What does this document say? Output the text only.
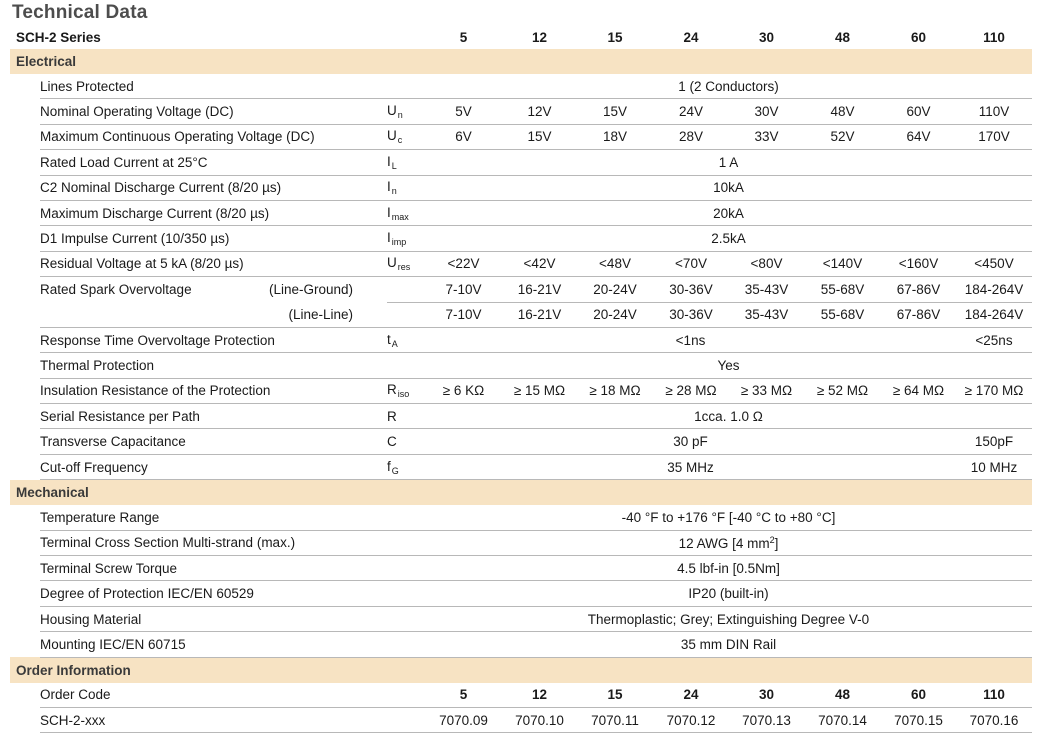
Technical Data
SCH-2 Series			5	12	15	24	30	48	60	110
Electrical										
	Lines Protected		1 (2 Conductors)							
	Nominal Operating Voltage (DC)	$U_n$	5V	12V	15V	24V	30V	48V	60V	110V
	Maximum Continuous Operating Voltage (DC)	$U_c$	6V	15V	18V	28V	33V	52V	64V	170V
	Rated Load Current at 25°C	$I_L$	1 A							
	C2 Nominal Discharge Current (8/20 µs)	$I_n$	10kA							
	Maximum Discharge Current (8/20 µs)	$I_{max}$	20kA							
	D1 Impulse Current (10/350 µs)	$I_{imp}$	2.5kA							
	Residual Voltage at 5 kA (8/20 µs)	$U_{res}$	<22V	<42V	<48V	<70V	<80V	<140V	<160V	<450V

	Rated Spark Overvoltage (Line-Ground)		7-10V	16-21V	20-24V	30-36V	35-43V	55-68V	67-86V	184-264V

	(Line-Line)		7-10V	16-21V	20-24V	30-36V	35-43V	55-68V	67-86V	184-264V
	Response Time Overvoltage Protection	$t_A$	<1ns							<25ns
	Thermal Protection		Yes							
	Insulation Resistance of the Protection	$R_{iso}$	≥ 6 KΩ	≥ 15 MΩ	≥ 18 MΩ	≥ 28 MΩ	≥ 33 MΩ	≥ 52 MΩ	≥ 64 MΩ	≥ 170 MΩ
	Serial Resistance per Path	R	1cca. 1.0 Ω							
	Transverse Capacitance	C	30 pF							150pF
	Cut-off Frequency	$f_G$	35 MHz							10 MHz
Mechanical										
	Temperature Range		-40 °F to +176 °F [-40 °C to +80 °C]							
	Terminal Cross Section Multi-strand (max.)		12 AWG [4 $mm^2$]							
	Terminal Screw Torque		4.5 lbf-in [0.5Nm]							
	Degree of Protection IEC/EN 60529		IP20 (built-in)							
	Housing Material		Thermoplastic; Grey; Extinguishing Degree V-0							
	Mounting IEC/EN 60715		35 mm DIN Rail							
Order Information										
	Order Code		5	12	15	24	30	48	60	110
	SCH-2-xxx		7070.09	7070.10	7070.11	7070.12	7070.13	7070.14	7070.15	7070.16
